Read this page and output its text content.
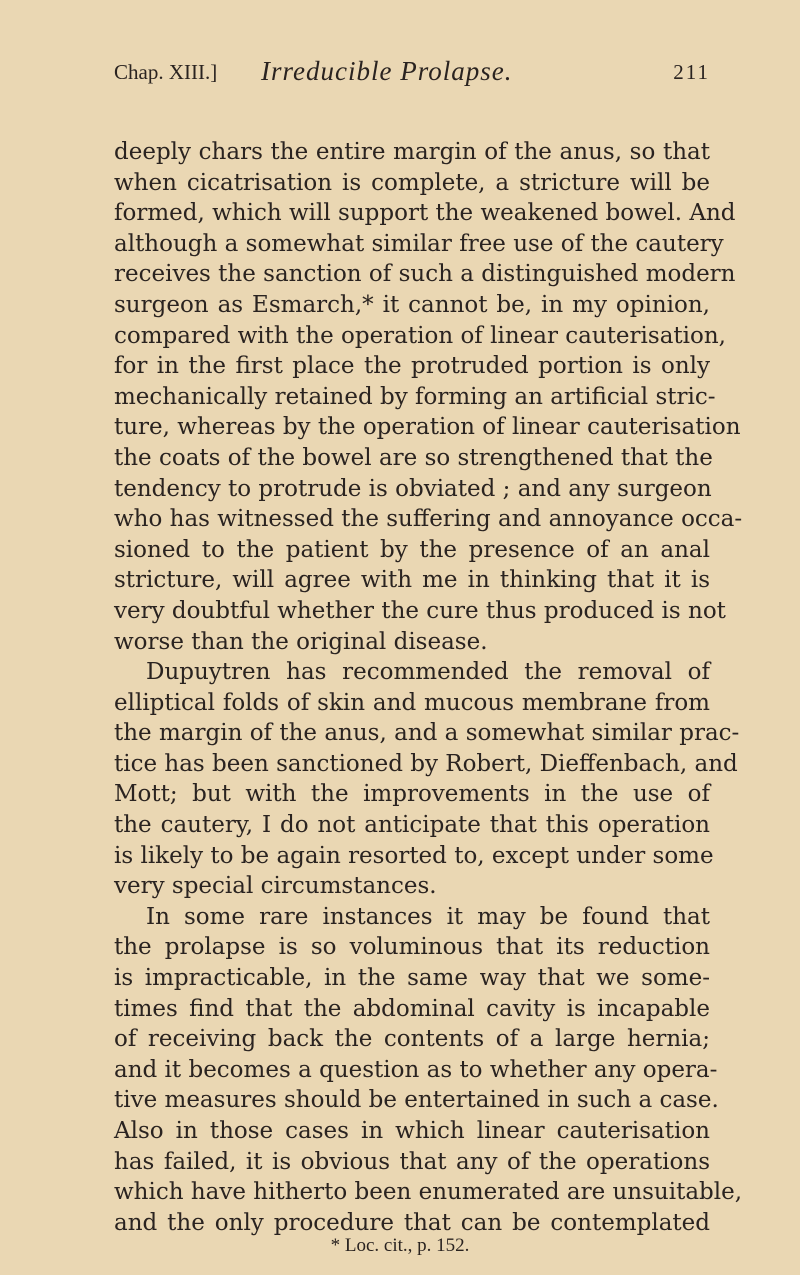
Chap. XIII.] Irreducible Prolapse.	211
deeply chars the entire margin of the anus, so that
when cicatrisation is complete, a stricture will be
formed, which will support the weakened bowel. And
although a somewhat similar free use of the cautery
receives the sanction of such a distinguished modern
surgeon as Esmarch,* it cannot be, in my opinion,
compared with the operation of linear cauterisation,
for in the first place the protruded portion is only
mechanically retained by forming an artificial stric-
ture, whereas by the operation of linear cauterisation
the coats of the bowel are so strengthened that the
tendency to protrude is obviated ; and any surgeon
who has witnessed the suffering and annoyance occa-
sioned to the patient by the presence of an anal
stricture, will agree with me in thinking that it is
very doubtful whether the cure thus produced is not
worse than the original disease.
Dupuytren has recommended the removal of
elliptical folds of skin and mucous membrane from
the margin of the anus, and a somewhat similar prac-
tice has been sanctioned by Robert, Dieffenbach, and
Mott; but with the improvements in the use of
the cautery, I do not anticipate that this operation
is likely to be again resorted to, except under some
very special circumstances.
In some rare instances it may be found that
the prolapse is so voluminous that its reduction
is impracticable, in the same way that we some-
times find that the abdominal cavity is incapable
of receiving back the contents of a large hernia;
and it becomes a question as to whether any opera-
tive measures should be entertained in such a case.
Also in those cases in which linear cauterisation
has failed, it is obvious that any of the operations
which have hitherto been enumerated are unsuitable,
and the only procedure that can be contemplated
* Loc. cit., p. 152.
